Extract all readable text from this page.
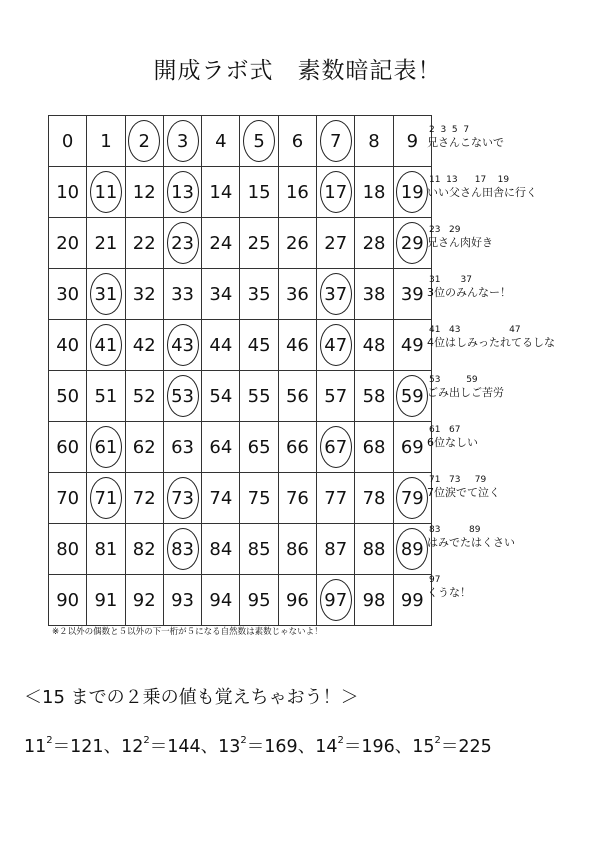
開成ラボ式　素数暗記表！
0	1	2	3	4	5	6	7	8	9
10	11	12	13	14	15	16	17	18	19
20	21	22	23	24	25	26	27	28	29
30	31	32	33	34	35	36	37	38	39
40	41	42	43	44	45	46	47	48	49
50	51	52	53	54	55	56	57	58	59
60	61	62	63	64	65	66	67	68	69
70	71	72	73	74	75	76	77	78	79
80	81	82	83	84	85	86	87	88	89
90	91	92	93	94	95	96	97	98	99
2  3  5  7
兄さんこないで
11  13      17    19
いい父さん田舎に行く
23   29
兄さん肉好き
31       37
3位のみんなー！
41   43                 47
4位はしみったれてるしな
53         59
ごみ出しご苦労
61   67
6位なしい
71   73     79
7位涙でて泣く
83          89
はみでたはくさい
97
くうな！
※２以外の偶数と５以外の下一桁が５になる自然数は素数じゃないよ！
＜15 までの２乗の値も覚えちゃおう！＞
$11^2=121$、$12^2=144$、$13^2=169$、$14^2=196$、$15^2=225$
